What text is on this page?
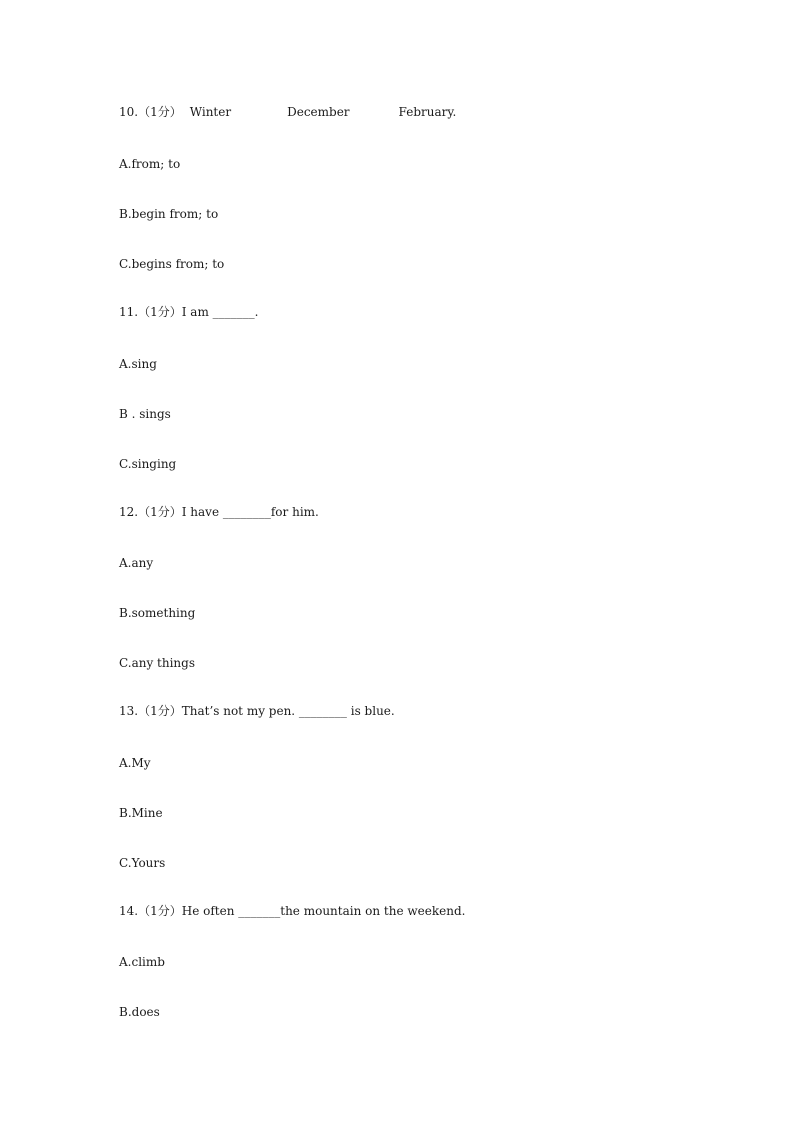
10.（1分） Winter	December	February.
A.from; to
B.begin from; to
C.begins from; to
11.（1分）I am _______.
A.sing
B . sings
C.singing
12.（1分）I have ________for him.
A.any
B.something
C.any things
13.（1分）That’s not my pen. ________ is blue.
A.My
B.Mine
C.Yours
14.（1分）He often _______the mountain on the weekend.
A.climb
B.does
